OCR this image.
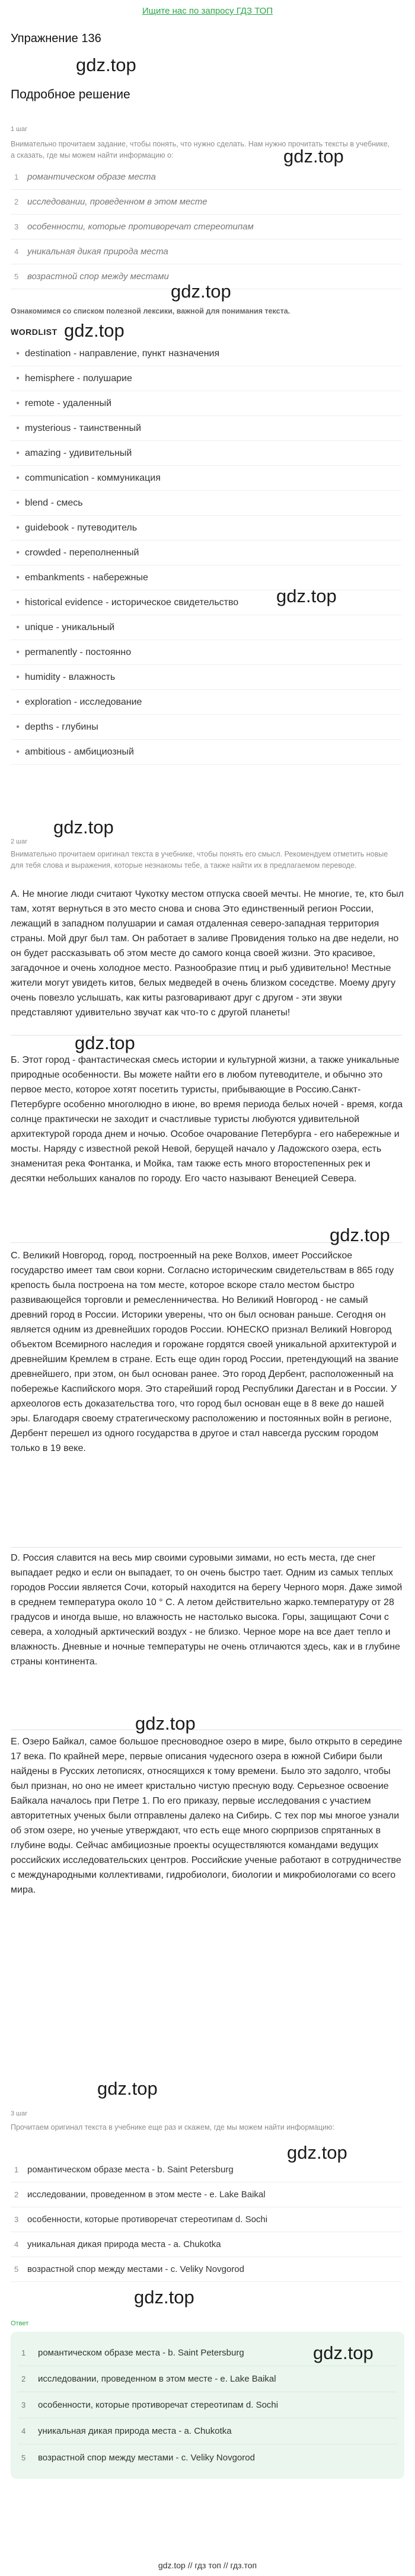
Ищите нас по запросу ГДЗ ТОП
Упражнение 136
gdz.top
Подробное решение
1 шаг
Внимательно прочитаем задание, чтобы понять, что нужно сделать. Нам нужно прочитать тексты в учебнике, а сказать, где мы можем найти информацию о:	gdz.top
1 романтическом образе места
2 исследовании, проведенном в этом месте
3 особенности, которые противоречат стереотипам
4 уникальная дикая природа места
5 возрастной спор между местами
gdz.top
Ознакомимся со списком полезной лексики, важной для понимания текста.
WORDLIST gdz.top
• destination - направление, пункт назначения
• hemisphere - полушарие
• remote - удаленный
• mysterious - таинственный
• amazing - удивительный
• communication - коммуникация
• blend - смесь
• guidebook - путеводитель
• crowded - переполненный
• embankments - набережные
• historical evidence - историческое свидетельство
• unique - уникальный
• permanently - постоянно
• humidity - влажность
• exploration - исследование
• depths - глубины
• ambitious - амбициозный
gdz.top
gdz.top
2 шаг
Внимательно прочитаем оригинал текста в учебнике, чтобы понять его смысл. Рекомендуем отметить новые для тебя слова и выражения, которые незнакомы тебе, а также найти их в предлагаемом переводе.
A. Не многие люди считают Чукотку местом отпуска своей мечты. Не многие, те, кто был там, хотят вернуться в это место снова и снова Это единственный регион России, лежащий в западном полушарии и самая отдаленная северо-западная территория страны. Мой друг был там. Он работает в заливе Провидения только на две недели, но он будет рассказывать об этом месте до самого конца своей жизни. Это красивое, загадочное и очень холодное место. Разнообразие птиц и рыб удивительно! Местные жители могут увидеть китов, белых медведей в очень близком соседстве. Моему другу очень повезло услышать, как киты разговаривают друг с другом - эти звуки представляют удивительно звучат как что-то с другой планеты!
gdz.top
Б. Этот город - фантастическая смесь истории и культурной жизни, а также уникальные природные особенности. Вы можете найти его в любом путеводителе, и обычно это первое место, которое хотят посетить туристы, прибывающие в Россию.Санкт-Петербурге особенно многолюдно в июне, во время периода белых ночей - время, когда солнце практически не заходит и счастливые туристы любуются удивительной архитектурой города днем и ночью. Особое очарование Петербурга - его набережные и мосты. Наряду с известной рекой Невой, берущей начало у Ладожского озера, есть знаменитая река Фонтанка, и Мойка, там также есть много второстепенных рек и десятки небольших каналов по городу. Его часто называют Венецией Севера.
gdz.top
C. Великий Новгород, город, построенный на реке Волхов, имеет Российское государство имеет там свои корни. Согласно историческим свидетельствам в 865 году крепость была построена на том месте, которое вскоре стало местом быстро развивающейся торговли и ремесленничества. Но Великий Новгород - не самый древний город в России. Историки уверены, что он был основан раньше. Сегодня он является одним из древнейших городов России. ЮНЕСКО признал Великий Новгород объектом Всемирного наследия и горожане гордятся своей уникальной архитектурой и древнейшим Кремлем в стране. Есть еще один город России, претендующий на звание древнейшего, при этом, он был основан ранее. Это город Дербент, расположенный на побережье Каспийского моря. Это старейший город Республики Дагестан и в России. У археологов есть доказательства того, что город был основан еще в 8 веке до нашей эры. Благодаря своему стратегическому расположению и постоянных войн в регионе, Дербент перешел из одного государства в другое и стал навсегда русским городом только в 19 веке.
D. Россия славится на весь мир своими суровыми зимами, но есть места, где снег выпадает редко и если он выпадает, то он очень быстро тает. Одним из самых теплых городов России является Сочи, который находится на берегу Черного моря. Даже зимой в среднем температура около 10 ° C. А летом действительно жарко.температуру от 28 градусов и иногда выше, но влажность не настолько высока. Горы, защищают Сочи с севера, а холодный арктический воздух - не близко. Черное море на все дает тепло и влажность. Дневные и ночные температуры не очень отличаются здесь, как и в глубине страны континента.
gdz.top
E. Озеро Байкал, самое большое пресноводное озеро в мире, было открыто в середине 17 века. По крайней мере, первые описания чудесного озера в южной Сибири были найдены в Русских летописях, относящихся к тому времени. Было это задолго, чтобы был признан, но оно не имеет кристально чистую пресную воду. Серьезное освоение Байкала началось при Петре 1. По его приказу, первые исследования с участием авторитетных ученых были отправлены далеко на Сибирь. С тех пор мы многое узнали об этом озере, но ученые утверждают, что есть еще много сюрпризов спрятанных в глубине воды. Сейчас амбициозные проекты осуществляются командами ведущих российских исследовательских центров. Российские ученые работают в сотрудничестве с международными коллективами, гидробиологи, биологии и микробиологами со всего мира.
gdz.top
3 шаг
Прочитаем оригинал текста в учебнике еще раз и скажем, где мы можем найти информацию:
gdz.top
1 романтическом образе места - b. Saint Petersburg
2 исследовании, проведенном в этом месте - e. Lake Baikal
3 особенности, которые противоречат стереотипам d. Sochi
4 уникальная дикая природа места - a. Chukotka
5 возрастной спор между местами - c. Veliky Novgorod
gdz.top
Ответ
1	романтическом образе места - b. Saint Petersburg
2	исследовании, проведенном в этом месте - e. Lake Baikal
3	особенности, которые противоречат стереотипам d. Sochi
4	уникальная дикая природа места - a. Chukotka
5	возрастной спор между местами - c. Veliky Novgorod
gdz.top
gdz.top // гдз топ // гдз.топ
